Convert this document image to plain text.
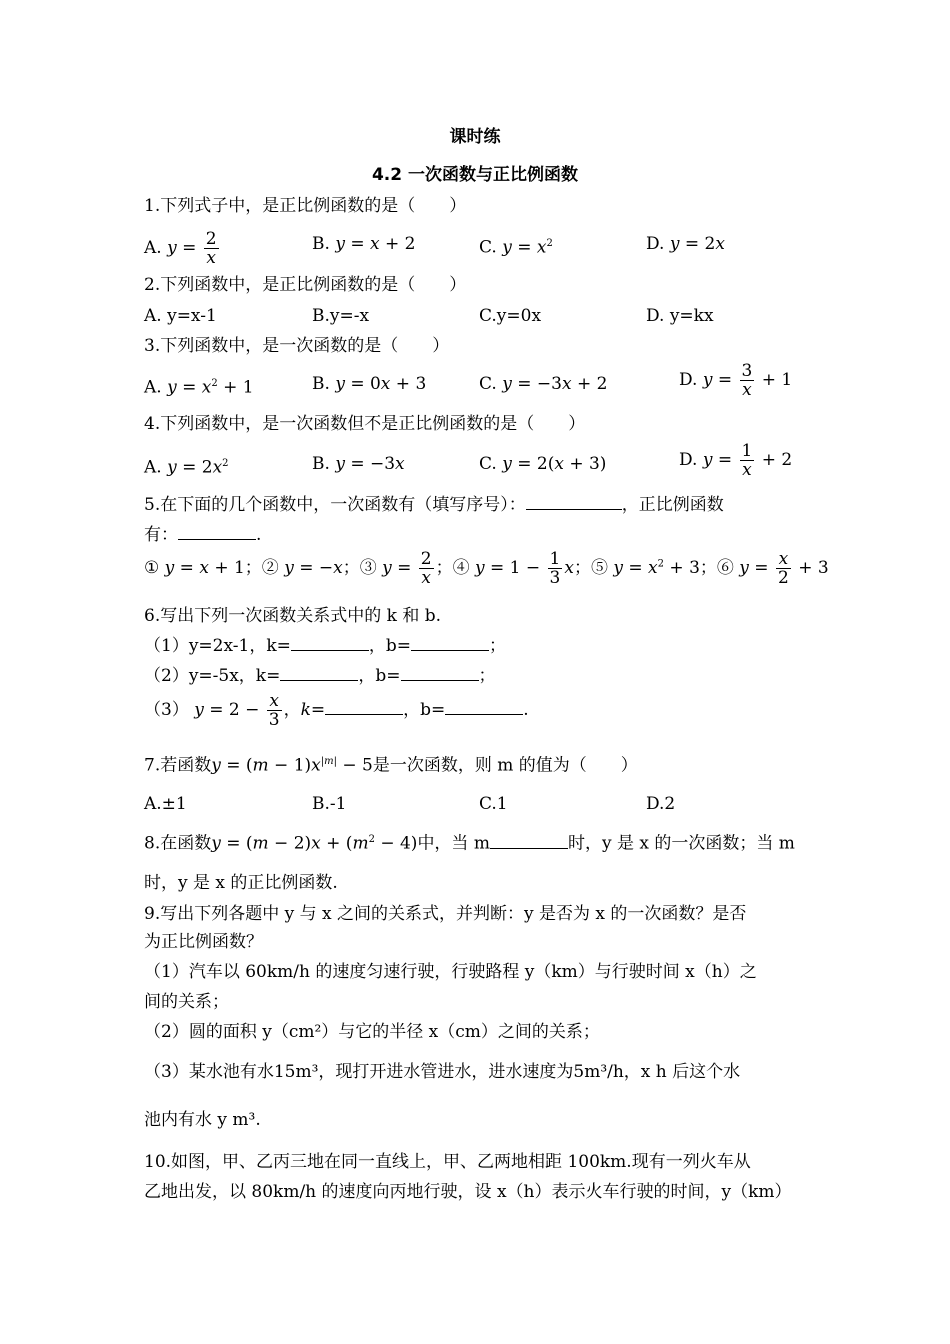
课时练
4.2 一次函数与正比例函数
1.下列式子中，是正比例函数的是（　　）
A. $y = \frac{2}{x}$	B. y = x + 2	C. $y = x^2$	D. y = 2x
2.下列函数中，是正比例函数的是（　　）
A. y=x-1	B.y=-x	C.y=0x	D. y=kx
3.下列函数中，是一次函数的是（　　）
A. $y = x^2 + 1$	B. y = 0x + 3	C. y = −3x + 2	D. $y = \frac{3}{x} + 1$
4.下列函数中，是一次函数但不是正比例函数的是（　　）
A. $y = 2x^2$	B. y = −3x	C. y = 2(x + 3)	D. $y = \frac{1}{x} + 2$
5.在下面的几个函数中，一次函数有（填写序号）：	，正比例函数
有：	.
① y = x + 1；② y = −x；③ $y = \frac{2}{x}$ ；④ $y = 1 - \frac{1}{3}$ x；⑤ $y = x^2 + 3$；⑥ $y = \frac{x}{2} + 3$
6.写出下列一次函数关系式中的 k 和 b.
（1）y=2x-1，k=	，b=	；
（2）y=-5x，k=	，b=	；
（3） $y = 2 - \frac{x}{3}$ ，k=	，b=	.
7.若函数$y = (m - 1)x^{|m|} - 5$是一次函数，则 m 的值为（　　）
A.±1	B.-1	C.1	D.2
8.在函数$y = (m - 2)x + (m^2 - 4)$中，当 m	时，y 是 x 的一次函数；当 m
时，y 是 x 的正比例函数.
9.写出下列各题中 y 与 x 之间的关系式，并判断：y 是否为 x 的一次函数？是否
为正比例函数？
（1）汽车以 60km/h 的速度匀速行驶，行驶路程 y（km）与行驶时间 x（h）之
间的关系；
（2）圆的面积 y（cm²）与它的半径 x（cm）之间的关系；
（3）某水池有水15m³，现打开进水管进水，进水速度为5m³/h，x h 后这个水
池内有水 y m³.
10.如图，甲、乙丙三地在同一直线上，甲、乙两地相距 100km.现有一列火车从
乙地出发，以 80km/h 的速度向丙地行驶，设 x（h）表示火车行驶的时间，y（km）
